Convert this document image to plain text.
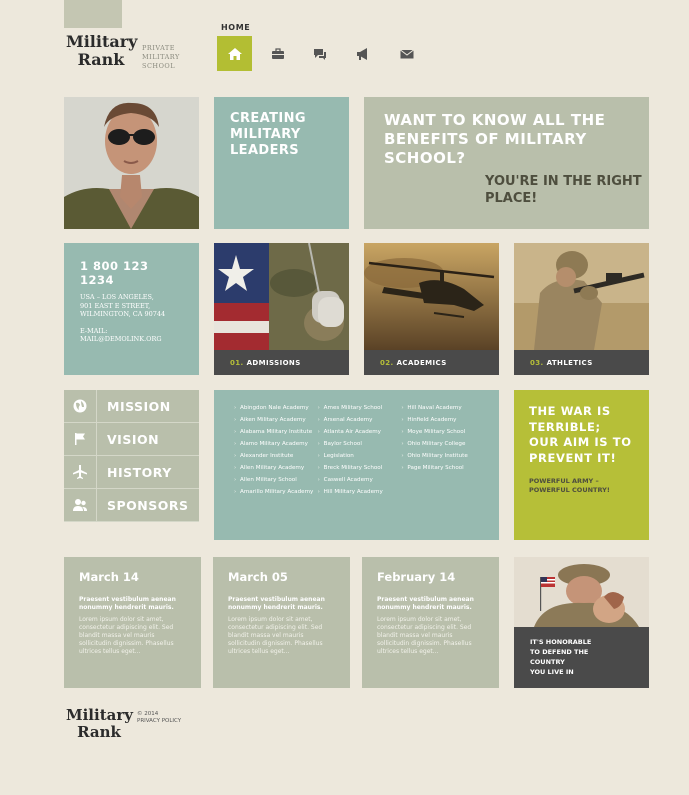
Military
Rank
PRIVATE
MILITARY
SCHOOL
HOME
CREATING MILITARY LEADERS
WANT TO KNOW ALL THE BENEFITS OF MILITARY SCHOOL?
YOU'RE IN THE RIGHT PLACE!
1 800 123 1234
USA – LOS ANGELES,
901 EAST E STREET,
WILMINGTON, CA 90744
E-MAIL:
MAIL@DEMOLINK.ORG
01. ADMISSIONS	02. ACADEMICS	03. ATHLETICS
MISSION
VISION
HISTORY
SPONSORS
› Abingdon Nale Academy
› Aiken Military Academy
› Alabama Military Institute
› Alamo Military Academy
› Alexander Institute
› Allen Military Academy
› Allen Military School
› Amarillo Military Academy
› Ames Military School
› Arsenal Academy
› Atlanta Air Academy
› Baylor School
› Legislation
› Breck Military School
› Caswell Academy
› Hill Military Academy
› Hill Naval Academy
› Hinfield Academy
› Moye Military School
› Ohio Military College
› Ohio Military Institute
› Page Military School
THE WAR IS TERRIBLE; OUR AIM IS TO PREVENT IT!
POWERFUL ARMY – POWERFUL COUNTRY!
March 14
Praesent vestibulum aenean nonummy hendrerit mauris.
Lorem ipsum dolor sit amet, consectetur adipiscing elit. Sed blandit massa vel mauris sollicitudin dignissim. Phasellus ultrices tellus eget...
March 05
Praesent vestibulum aenean nonummy hendrerit mauris.
Lorem ipsum dolor sit amet, consectetur adipiscing elit. Sed blandit massa vel mauris sollicitudin dignissim. Phasellus ultrices tellus eget...
February 14
Praesent vestibulum aenean nonummy hendrerit mauris.
Lorem ipsum dolor sit amet, consectetur adipiscing elit. Sed blandit massa vel mauris sollicitudin dignissim. Phasellus ultrices tellus eget...
IT'S HONORABLE
TO DEFEND THE
COUNTRY
YOU LIVE IN
Military
Rank
© 2014
PRIVACY POLICY
